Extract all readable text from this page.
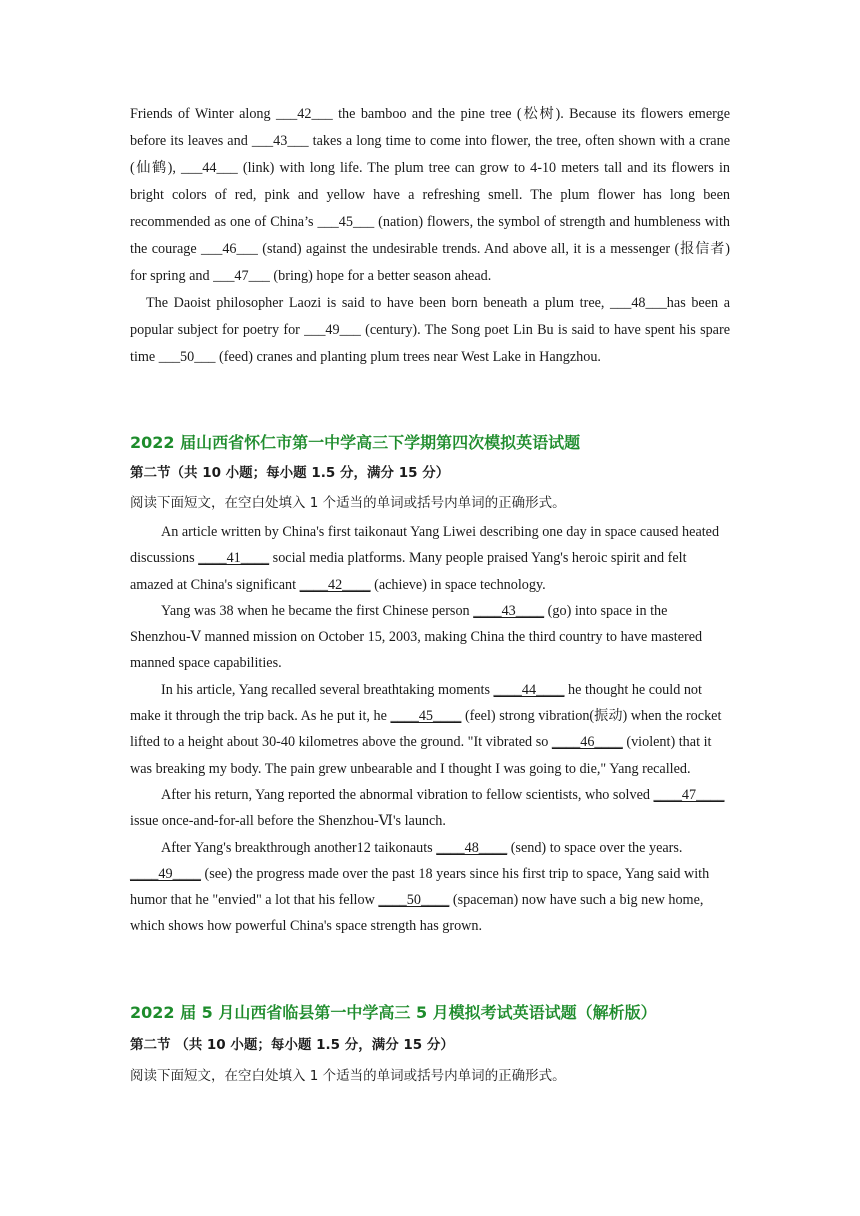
Friends of Winter along ___42___ the bamboo and the pine tree (松树). Because its flowers emerge before its leaves and ___43___ takes a long time to come into flower, the tree, often shown with a crane (仙鹤), ___44___ (link) with long life. The plum tree can grow to 4-10 meters tall and its flowers in bright colors of red, pink and yellow have a refreshing smell. The plum flower has long been recommended as one of China’s ___45___ (nation) flowers, the symbol of strength and humbleness with the courage ___46___ (stand) against the undesirable trends. And above all, it is a messenger (报信者) for spring and ___47___ (bring) hope for a better season ahead.

The Daoist philosopher Laozi is said to have been born beneath a plum tree, ___48___has been a popular subject for poetry for ___49___ (century). The Song poet Lin Bu is said to have spent his spare time ___50___ (feed) cranes and planting plum trees near West Lake in Hangzhou.

2022 届山西省怀仁市第一中学高三下学期第四次模拟英语试题
第二节（共 10 小题；每小题 1.5 分，满分 15 分）
阅读下面短文，在空白处填入 1 个适当的单词或括号内单词的正确形式。

An article written by China's first taikonaut Yang Liwei describing one day in space caused heated discussions ____41____ social media platforms. Many people praised Yang's heroic spirit and felt amazed at China's significant ____42____ (achieve) in space technology.

Yang was 38 when he became the first Chinese person ____43____ (go) into space in the Shenzhou-Ⅴ manned mission on October 15, 2003, making China the third country to have mastered manned space capabilities.

In his article, Yang recalled several breathtaking moments ____44____ he thought he could not make it through the trip back. As he put it, he ____45____ (feel) strong vibration(振动) when the rocket lifted to a height about 30-40 kilometres above the ground. "It vibrated so ____46____ (violent) that it was breaking my body. The pain grew unbearable and I thought I was going to die," Yang recalled.

After his return, Yang reported the abnormal vibration to fellow scientists, who solved ____47____ issue once-and-for-all before the Shenzhou-Ⅵ's launch.

After Yang's breakthrough another12 taikonauts ____48____ (send) to space over the years. ____49____ (see) the progress made over the past 18 years since his first trip to space, Yang said with humor that he "envied" a lot that his fellow ____50____ (spaceman) now have such a big new home, which shows how powerful China's space strength has grown.

2022 届 5 月山西省临县第一中学高三 5 月模拟考试英语试题（解析版）
第二节 （共 10 小题；每小题 1.5 分，满分 15 分）
阅读下面短文，在空白处填入 1 个适当的单词或括号内单词的正确形式。
